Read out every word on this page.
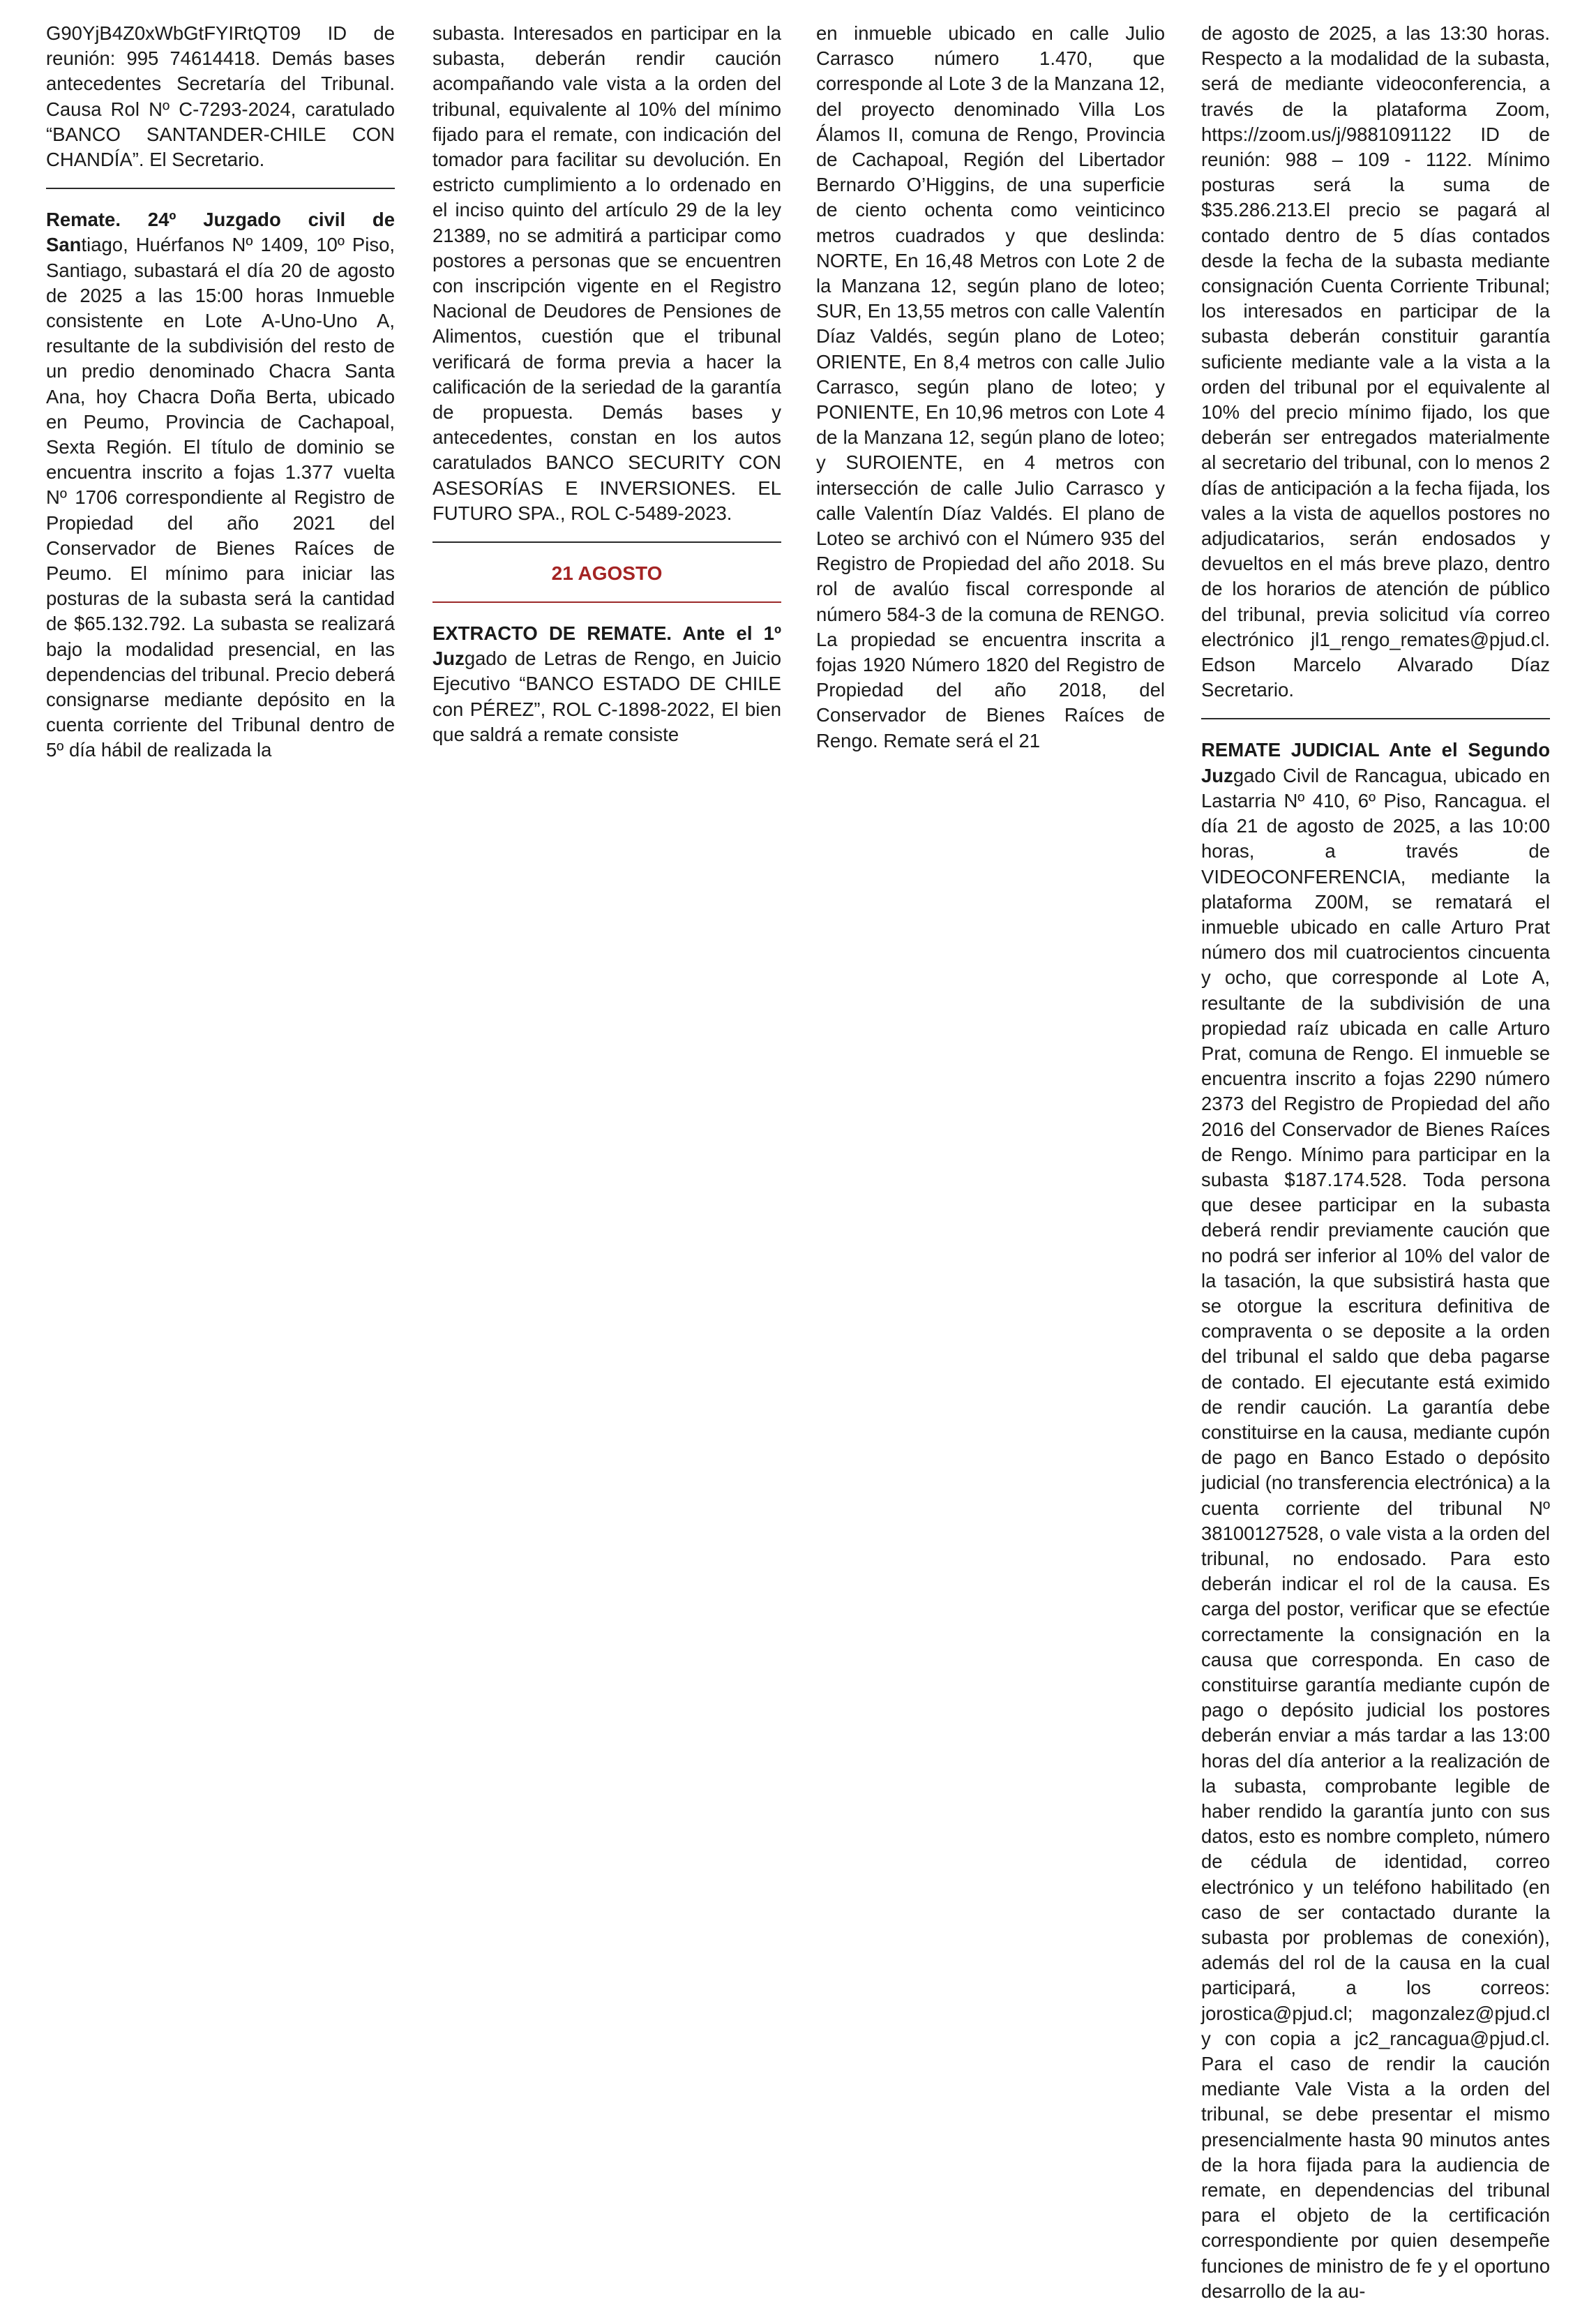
G90YjB4Z0xWbGtFYIRtQT09 ID de reunión: 995 74614418. Demás bases antecedentes Secretaría del Tribunal. Causa Rol Nº C-7293-2024, caratulado “BANCO SANTANDER-CHILE CON CHANDÍA”. El Secretario.

Remate. 24º Juzgado civil de Santiago, Huérfanos Nº 1409, 10º Piso, Santiago, subastará el día 20 de agosto de 2025 a las 15:00 horas Inmueble consistente en Lote A-Uno-Uno A, resultante de la subdivisión del resto de un predio denominado Chacra Santa Ana, hoy Chacra Doña Berta, ubicado en Peumo, Provincia de Cachapoal, Sexta Región. El título de dominio se encuentra inscrito a fojas 1.377 vuelta Nº 1706 correspondiente al Registro de Propiedad del año 2021 del Conservador de Bienes Raíces de Peumo. El mínimo para iniciar las posturas de la subasta será la cantidad de $65.132.792. La subasta se realizará bajo la modalidad presencial, en las dependencias del tribunal. Precio deberá consignarse mediante depósito en la cuenta corriente del Tribunal dentro de 5º día hábil de realizada la

subasta. Interesados en participar en la subasta, deberán rendir caución acompañando vale vista a la orden del tribunal, equivalente al 10% del mínimo fijado para el remate, con indicación del tomador para facilitar su devolución. En estricto cumplimiento a lo ordenado en el inciso quinto del artículo 29 de la ley 21389, no se admitirá a participar como postores a personas que se encuentren con inscripción vigente en el Registro Nacional de Deudores de Pensiones de Alimentos, cuestión que el tribunal verificará de forma previa a hacer la calificación de la seriedad de la garantía de propuesta. Demás bases y antecedentes, constan en los autos caratulados BANCO SECURITY CON ASESORÍAS E INVERSIONES. EL FUTURO SPA., ROL C-5489-2023.

21 AGOSTO

EXTRACTO DE REMATE. Ante el 1º Juzgado de Letras de Rengo, en Juicio Ejecutivo “BANCO ESTADO DE CHILE con PÉREZ”, ROL C-1898-2022, El bien que saldrá a remate consiste

en inmueble ubicado en calle Julio Carrasco número 1.470, que corresponde al Lote 3 de la Manzana 12, del proyecto denominado Villa Los Álamos II, comuna de Rengo, Provincia de Cachapoal, Región del Libertador Bernardo O’Higgins, de una superficie de ciento ochenta como veinticinco metros cuadrados y que deslinda: NORTE, En 16,48 Metros con Lote 2 de la Manzana 12, según plano de loteo; SUR, En 13,55 metros con calle Valentín Díaz Valdés, según plano de Loteo; ORIENTE, En 8,4 metros con calle Julio Carrasco, según plano de loteo; y PONIENTE, En 10,96 metros con Lote 4 de la Manzana 12, según plano de loteo; y SUROIENTE, en 4 metros con intersección de calle Julio Carrasco y calle Valentín Díaz Valdés. El plano de Loteo se archivó con el Número 935 del Registro de Propiedad del año 2018. Su rol de avalúo fiscal corresponde al número 584-3 de la comuna de RENGO. La propiedad se encuentra inscrita a fojas 1920 Número 1820 del Registro de Propiedad del año 2018, del Conservador de Bienes Raíces de Rengo. Remate será el 21

de agosto de 2025, a las 13:30 horas. Respecto a la modalidad de la subasta, será de mediante videoconferencia, a través de la plataforma Zoom, https://zoom.us/j/9881091122 ID de reunión: 988 – 109 - 1122. Mínimo posturas será la suma de $35.286.213.El precio se pagará al contado dentro de 5 días contados desde la fecha de la subasta mediante consignación Cuenta Corriente Tribunal; los interesados en participar de la subasta deberán constituir garantía suficiente mediante vale a la vista a la orden del tribunal por el equivalente al 10% del precio mínimo fijado, los que deberán ser entregados materialmente al secretario del tribunal, con lo menos 2 días de anticipación a la fecha fijada, los vales a la vista de aquellos postores no adjudicatarios, serán endosados y devueltos en el más breve plazo, dentro de los horarios de atención de público del tribunal, previa solicitud vía correo electrónico jl1_rengo_remates@pjud.cl. Edson Marcelo Alvarado Díaz Secretario.

REMATE JUDICIAL Ante el Segundo Juzgado Civil de Rancagua, ubicado en Lastarria Nº 410, 6º Piso, Rancagua. el día 21 de agosto de 2025, a las 10:00 horas, a través de VIDEOCONFERENCIA, mediante la plataforma Z00M, se rematará el inmueble ubicado en calle Arturo Prat número dos mil cuatrocientos cincuenta y ocho, que corresponde al Lote A, resultante de la subdivisión de una propiedad raíz ubicada en calle Arturo Prat, comuna de Rengo. El inmueble se encuentra inscrito a fojas 2290 número 2373 del Registro de Propiedad del año 2016 del Conservador de Bienes Raíces de Rengo. Mínimo para participar en la subasta $187.174.528. Toda persona que desee participar en la subasta deberá rendir previamente caución que no podrá ser inferior al 10% del valor de la tasación, la que subsistirá hasta que se otorgue la escritura definitiva de compraventa o se deposite a la orden del tribunal el saldo que deba pagarse de contado. El ejecutante está eximido de rendir caución. La garantía debe constituirse en la causa, mediante cupón de pago en Banco Estado o depósito judicial (no transferencia electrónica) a la cuenta corriente del tribunal Nº 38100127528, o vale vista a la orden del tribunal, no endosado. Para esto deberán indicar el rol de la causa. Es carga del postor, verificar que se efectúe correctamente la consignación en la causa que corresponda. En caso de constituirse garantía mediante cupón de pago o depósito judicial los postores deberán enviar a más tardar a las 13:00 horas del día anterior a la realización de la subasta, comprobante legible de haber rendido la garantía junto con sus datos, esto es nombre completo, número de cédula de identidad, correo electrónico y un teléfono habilitado (en caso de ser contactado durante la subasta por problemas de conexión), además del rol de la causa en la cual participará, a los correos: jorostica@pjud.cl; magonzalez@pjud.cl y con copia a jc2_rancagua@pjud.cl. Para el caso de rendir la caución mediante Vale Vista a la orden del tribunal, se debe presentar el mismo presencialmente hasta 90 minutos antes de la hora fijada para la audiencia de remate, en dependencias del tribunal para el objeto de la certificación correspondiente por quien desempeñe funciones de ministro de fe y el oportuno desarrollo de la au-
